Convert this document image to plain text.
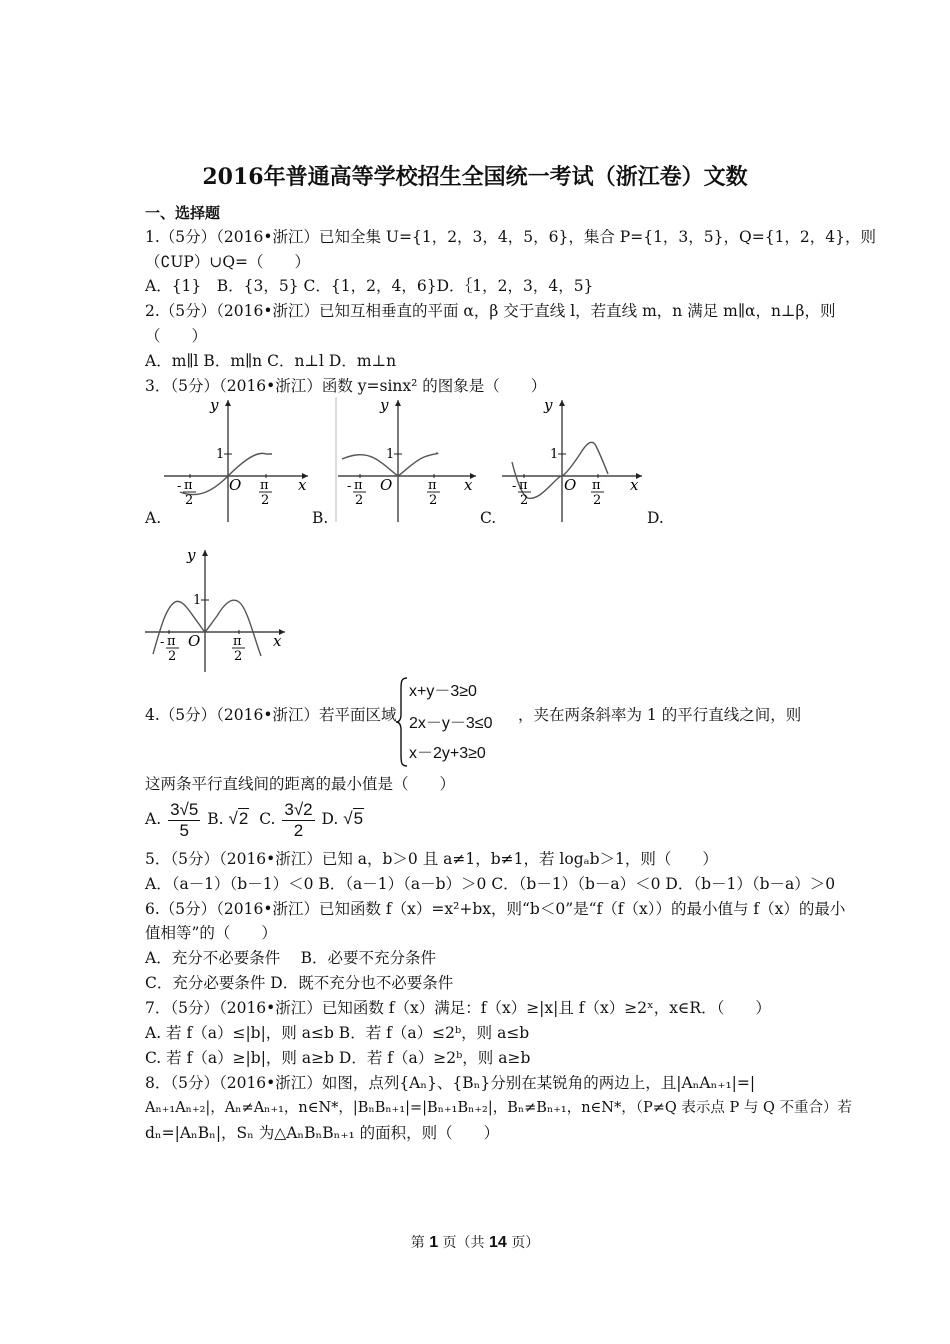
2016年普通高等学校招生全国统一考试（浙江卷）文数
一、选择题
1.（5分）（2016•浙江）已知全集 U={1，2，3，4，5，6}，集合 P={1，3，5}，Q={1，2，4}，则
（∁UP）∪Q=（　　）
A．{1}　B．{3，5} C．{1，2，4，6}D．｛1，2，3，4，5}
2.（5分）（2016•浙江）已知互相垂直的平面 α，β 交于直线 l，若直线 m，n 满足 m∥α，n⊥β，则
（　　）
A．m∥l B．m∥n C．n⊥l D．m⊥n
3．（5分）（2016•浙江）函数 y=sinx² 的图象是（　　）
y
x
O
1
- π
2
π
2
A.
y
x
O
1
- π
2
π
2
B.
y
x
O
1
- π
2
π
2
C.	D.
y
x
O
1
- π
2
π
2
4.（5分）（2016•浙江）若平面区域
x+y－3≥0
2x－y－3≤0
x－2y+3≥0
，夹在两条斜率为 1 的平行直线之间，则
这两条平行直线间的距离的最小值是（　　）
A. $\frac{3√5}{5} B$. √2 C. $\frac{3√2}{2} D$. √5
5．（5分）（2016•浙江）已知 a，b＞0 且 a≠1，b≠1，若 logₐb＞1，则（　　）
A．（a－1）（b－1）＜0 B．（a－1）（a－b）＞0 C．（b－1）（b－a）＜0 D．（b－1）（b－a）＞0
6.（5分）（2016•浙江）已知函数 f（x）=x²+bx，则“b＜0”是“f（f（x））的最小值与 f（x）的最小
值相等”的（　　）
A．充分不必要条件　 B．必要不充分条件
C．充分必要条件 D．既不充分也不必要条件
7．（5分）（2016•浙江）已知函数 f（x）满足：f（x）≥|x|且 f（x）≥2ˣ，x∈R．（　　）
A. 若 f（a）≤|b|，则 a≤b B．若 f（a）≤2ᵇ，则 a≤b
C. 若 f（a）≥|b|，则 a≥b D．若 f（a）≥2ᵇ，则 a≥b
8．（5分）（2016•浙江）如图，点列{Aₙ}、{Bₙ}分别在某锐角的两边上，且|AₙAₙ₊₁|=|
Aₙ₊₁Aₙ₊₂|，Aₙ≠Aₙ₊₁，n∈N*，|BₙBₙ₊₁|=|Bₙ₊₁Bₙ₊₂|，Bₙ≠Bₙ₊₁，n∈N*，（P≠Q 表示点 P 与 Q 不重合）若
dₙ=|AₙBₙ|，Sₙ 为△AₙBₙBₙ₊₁ 的面积，则（　　）
第 1 页（共 14 页）
